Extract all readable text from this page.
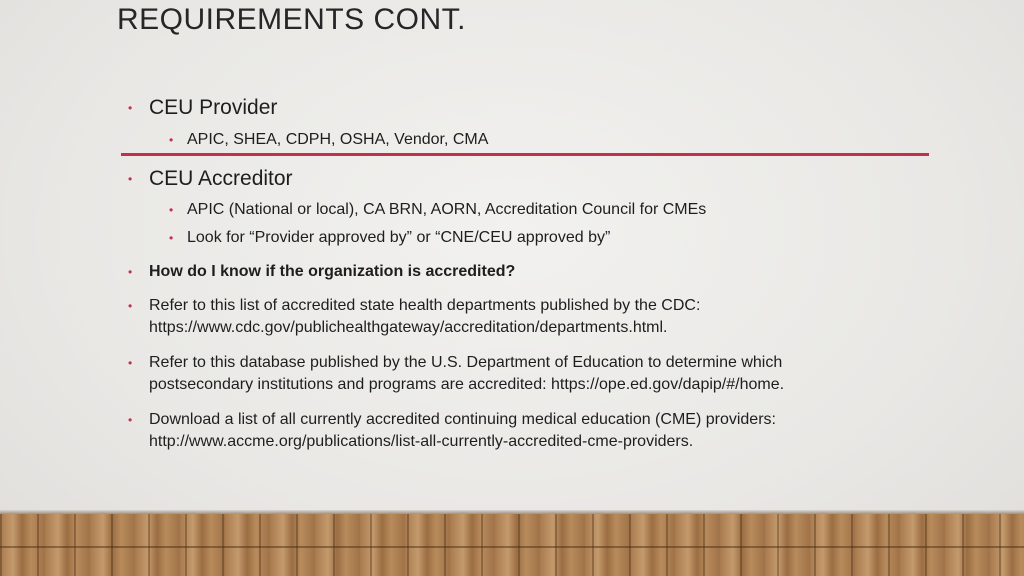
REQUIREMENTS CONT.
• CEU Provider
• APIC, SHEA, CDPH, OSHA, Vendor, CMA
• CEU Accreditor
• APIC (National or local), CA BRN, AORN, Accreditation Council for CMEs
• Look for “Provider approved by” or “CNE/CEU approved by”
•	How do I know if the organization is accredited?
•	Refer to this list of accredited state health departments published by the CDC:
https://www.cdc.gov/publichealthgateway/accreditation/departments.html.
•	Refer to this database published by the U.S. Department of Education to determine which
postsecondary institutions and programs are accredited: https://ope.ed.gov/dapip/#/home.
•	Download a list of all currently accredited continuing medical education (CME) providers:
http://www.accme.org/publications/list-all-currently-accredited-cme-providers.
